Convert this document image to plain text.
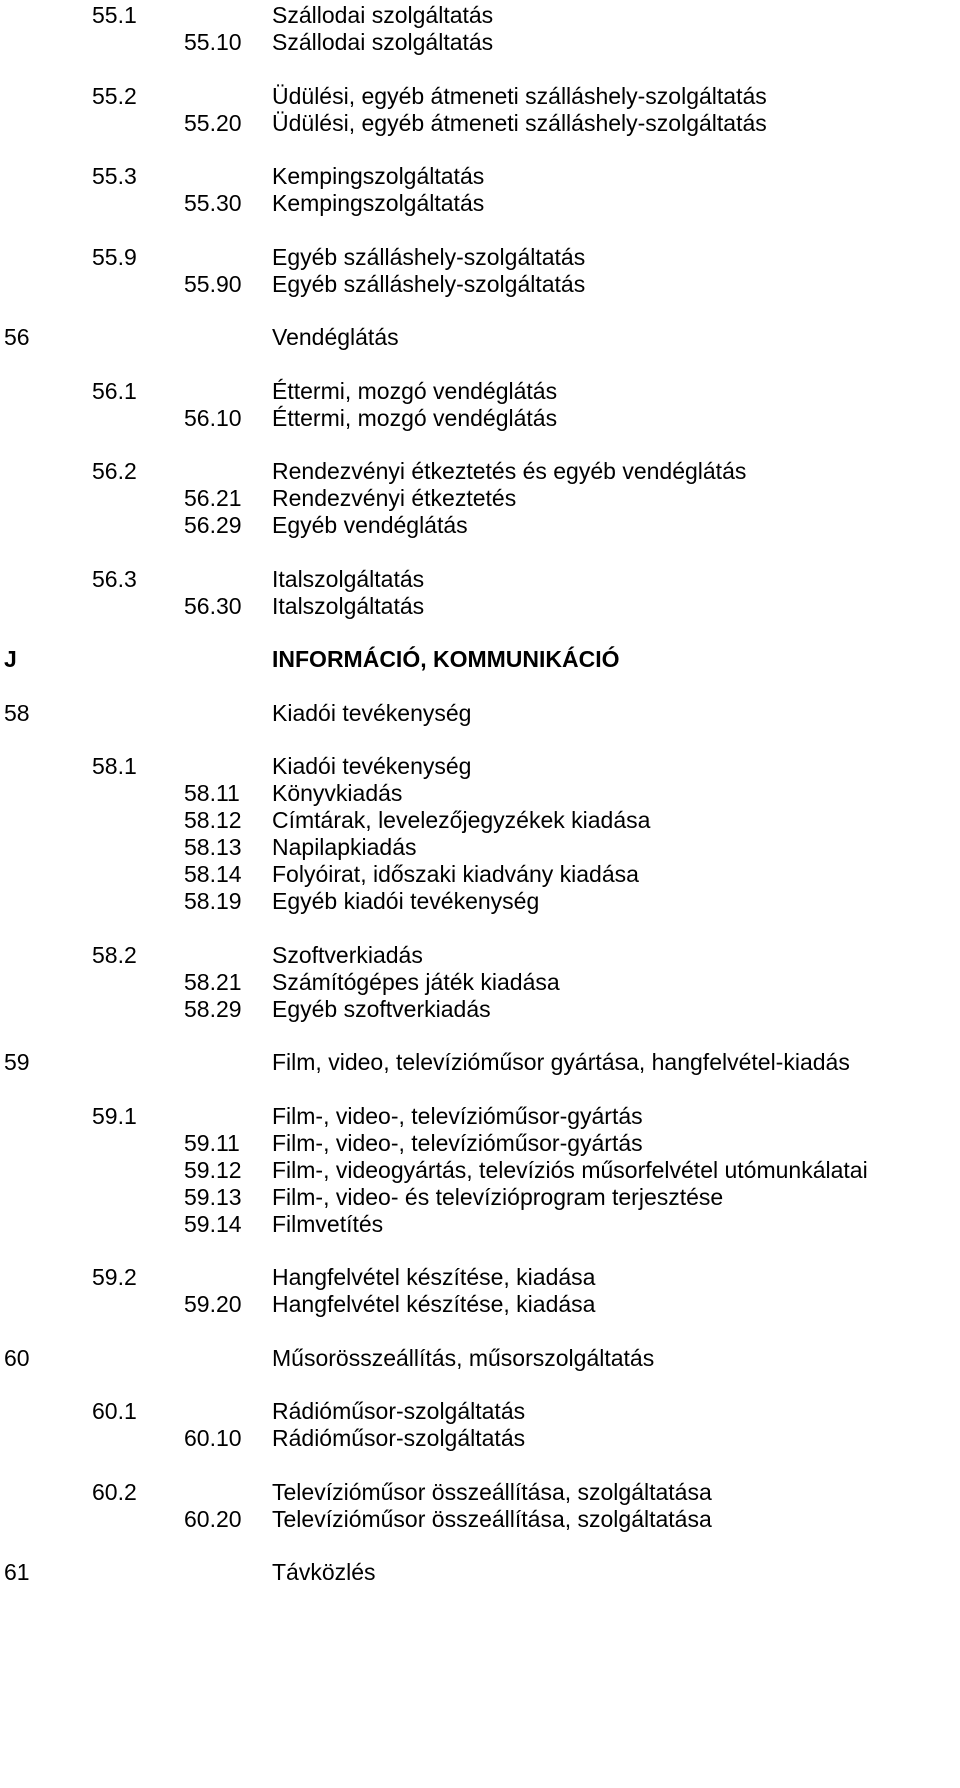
55.1	Szállodai szolgáltatás
55.10 Szállodai szolgáltatás
55.2	Üdülési, egyéb átmeneti szálláshely-szolgáltatás
55.20 Üdülési, egyéb átmeneti szálláshely-szolgáltatás
55.3	Kempingszolgáltatás
55.30 Kempingszolgáltatás
55.9	Egyéb szálláshely-szolgáltatás
55.90 Egyéb szálláshely-szolgáltatás
56	Vendéglátás
56.1	Éttermi, mozgó vendéglátás
56.10 Éttermi, mozgó vendéglátás
56.2	Rendezvényi étkeztetés és egyéb vendéglátás
56.21 Rendezvényi étkeztetés
56.29 Egyéb vendéglátás
56.3	Italszolgáltatás
56.30 Italszolgáltatás
J	INFORMÁCIÓ, KOMMUNIKÁCIÓ
58	Kiadói tevékenység
58.1	Kiadói tevékenység
58.11 Könyvkiadás
58.12 Címtárak, levelezőjegyzékek kiadása
58.13 Napilapkiadás
58.14 Folyóirat, időszaki kiadvány kiadása
58.19 Egyéb kiadói tevékenység
58.2	Szoftverkiadás
58.21 Számítógépes játék kiadása
58.29 Egyéb szoftverkiadás
59	Film, video, televízióműsor gyártása, hangfelvétel-kiadás
59.1	Film-, video-, televízióműsor-gyártás
59.11 Film-, video-, televízióműsor-gyártás
59.12 Film-, videogyártás, televíziós műsorfelvétel utómunkálatai
59.13 Film-, video- és televízióprogram terjesztése
59.14 Filmvetítés
59.2	Hangfelvétel készítése, kiadása
59.20 Hangfelvétel készítése, kiadása
60	Műsorösszeállítás, műsorszolgáltatás
60.1	Rádióműsor-szolgáltatás
60.10 Rádióműsor-szolgáltatás
60.2	Televízióműsor összeállítása, szolgáltatása
60.20 Televízióműsor összeállítása, szolgáltatása
61	Távközlés
